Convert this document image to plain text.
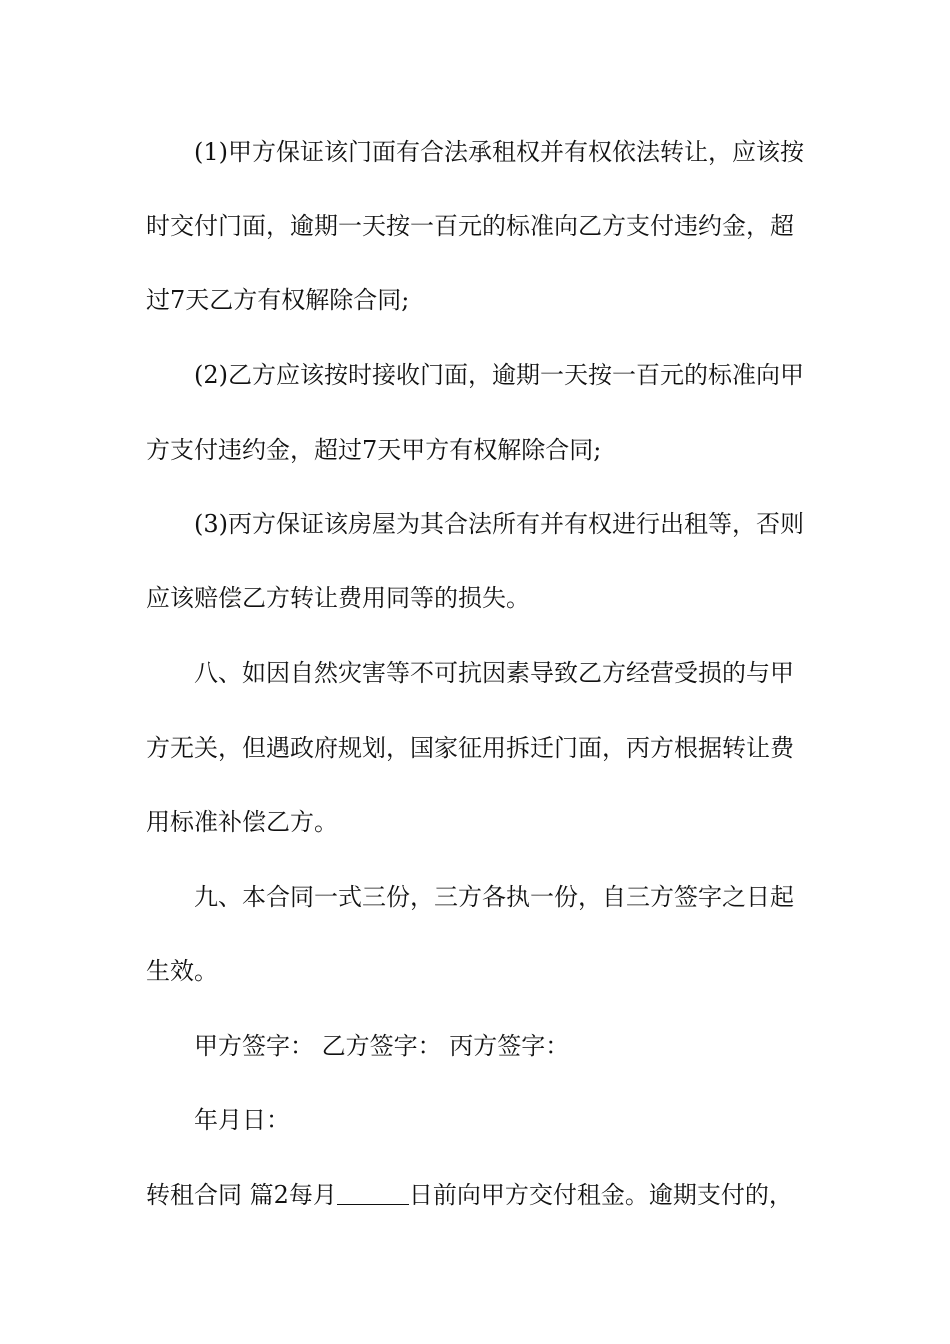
(1)甲方保证该门面有合法承租权并有权依法转让，应该按
时交付门面，逾期一天按一百元的标准向乙方支付违约金，超
过7天乙方有权解除合同;
(2)乙方应该按时接收门面，逾期一天按一百元的标准向甲
方支付违约金，超过7天甲方有权解除合同;
(3)丙方保证该房屋为其合法所有并有权进行出租等，否则
应该赔偿乙方转让费用同等的损失。
八、如因自然灾害等不可抗因素导致乙方经营受损的与甲
方无关，但遇政府规划，国家征用拆迁门面，丙方根据转让费
用标准补偿乙方。
九、本合同一式三份，三方各执一份，自三方签字之日起
生效。
甲方签字： 乙方签字： 丙方签字：
年月日：
转租合同 篇2每月	日前向甲方交付租金。逾期支付的，
